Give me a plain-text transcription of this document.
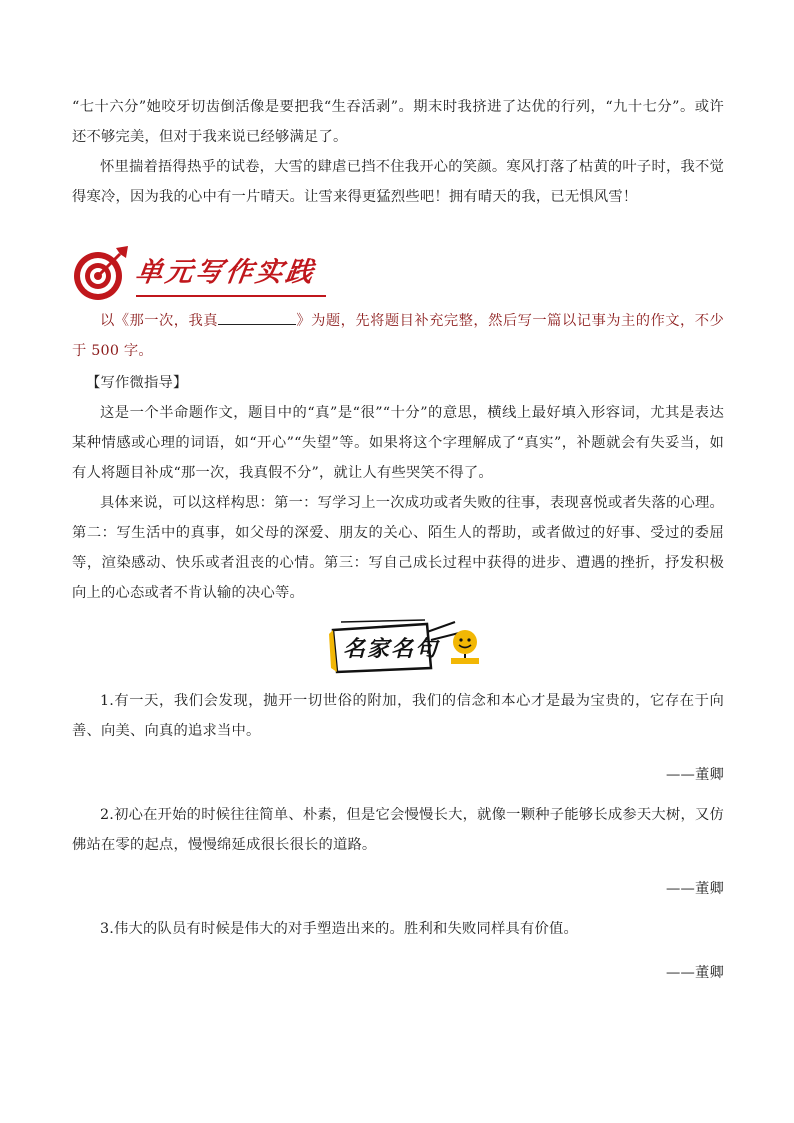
“七十六分”她咬牙切齿倒活像是要把我“生吞活剥”。期末时我挤进了达优的行列，“九十七分”。或许还不够完美，但对于我来说已经够满足了。

怀里揣着捂得热乎的试卷，大雪的肆虐已挡不住我开心的笑颜。寒风打落了枯黄的叶子时，我不觉得寒冷，因为我的心中有一片晴天。让雪来得更猛烈些吧！拥有晴天的我，已无惧风雪！

单元写作实践

以《那一次，我真	》为题，先将题目补充完整，然后写一篇以记事为主的作文，不少于 500 字。

【写作微指导】

这是一个半命题作文，题目中的“真”是“很”“十分”的意思，横线上最好填入形容词，尤其是表达某种情感或心理的词语，如“开心”“失望”等。如果将这个字理解成了“真实”，补题就会有失妥当，如有人将题目补成“那一次，我真假不分”，就让人有些哭笑不得了。

具体来说，可以这样构思：第一：写学习上一次成功或者失败的往事，表现喜悦或者失落的心理。第二：写生活中的真事，如父母的深爱、朋友的关心、陌生人的帮助，或者做过的好事、受过的委屈等，渲染感动、快乐或者沮丧的心情。第三：写自己成长过程中获得的进步、遭遇的挫折，抒发积极向上的心态或者不肯认输的决心等。

名家名句

1.有一天，我们会发现，抛开一切世俗的附加，我们的信念和本心才是最为宝贵的，它存在于向善、向美、向真的追求当中。

——董卿

2.初心在开始的时候往往简单、朴素，但是它会慢慢长大，就像一颗种子能够长成参天大树，又仿佛站在零的起点，慢慢绵延成很长很长的道路。

——董卿

3.伟大的队员有时候是伟大的对手塑造出来的。胜利和失败同样具有价值。

——董卿
